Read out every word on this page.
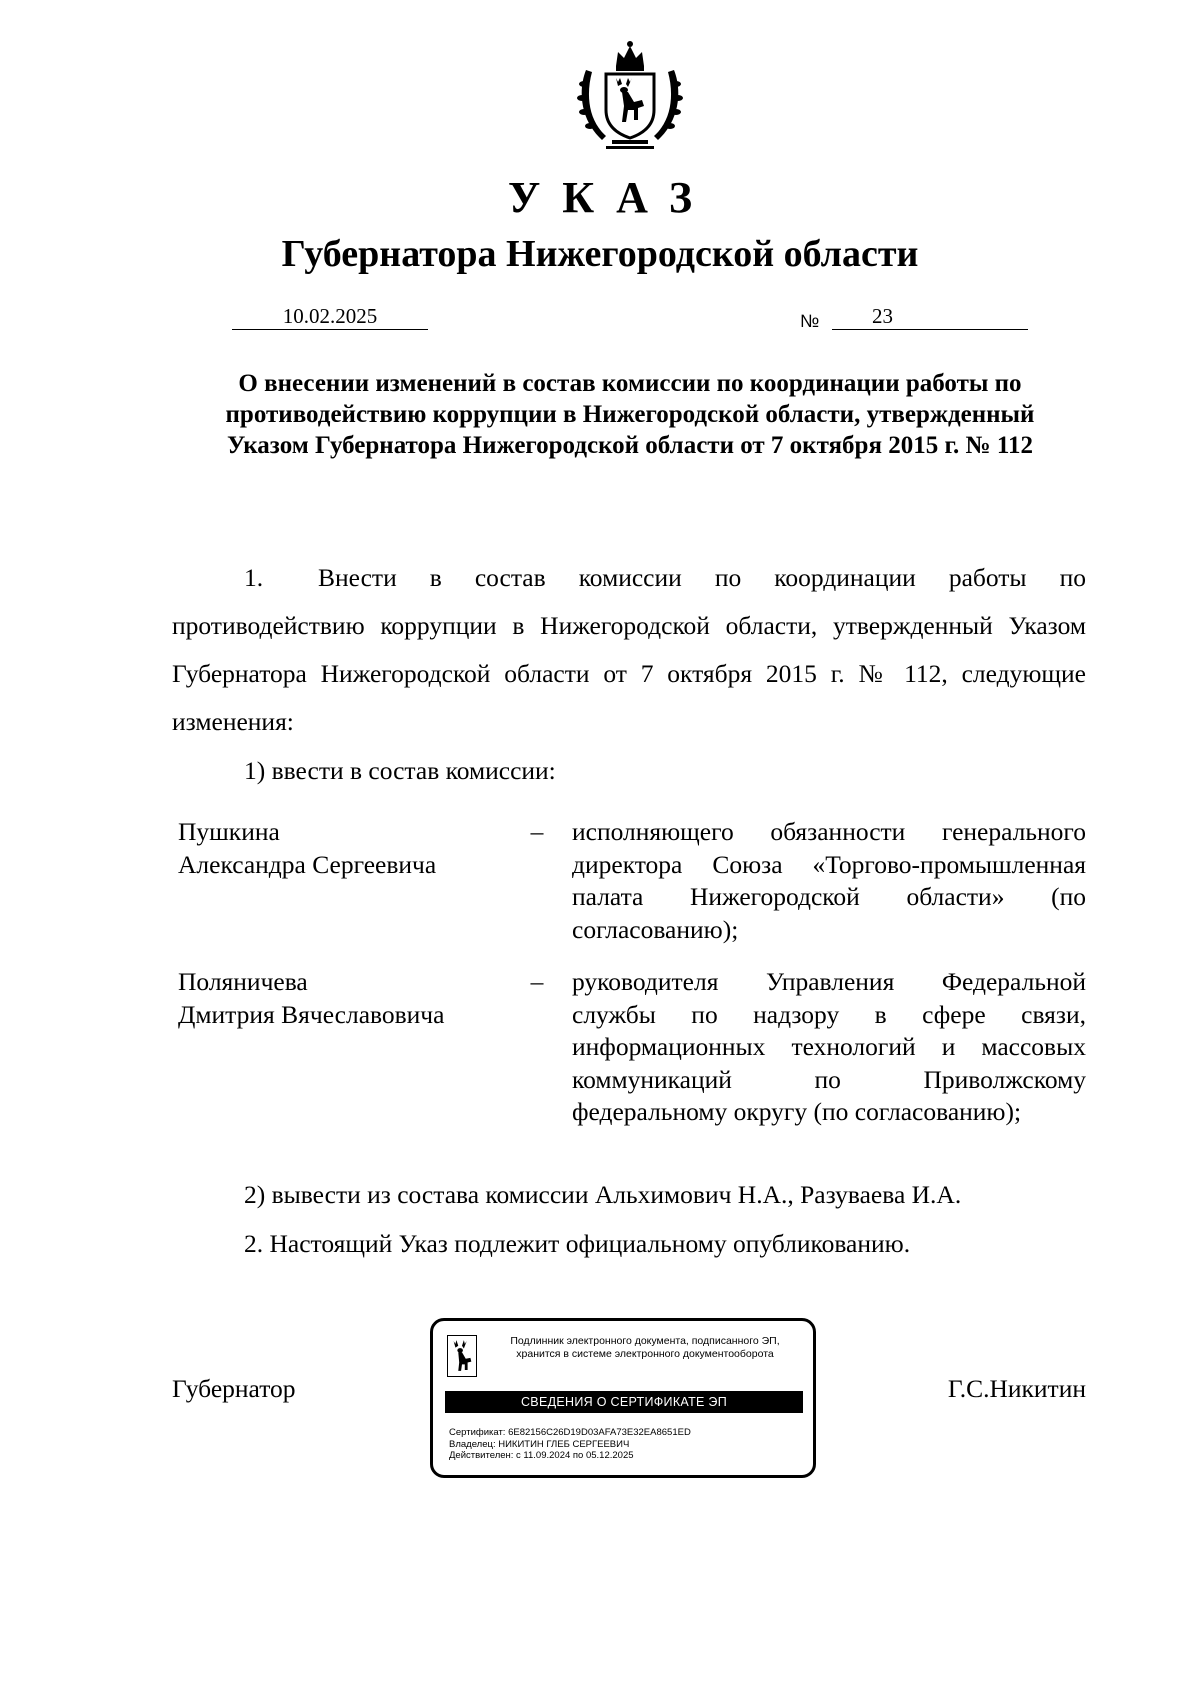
УКАЗ
Губернатора Нижегородской области
10.02.2025	№	23
О внесении изменений в состав комиссии по координации работы по противодействию коррупции в Нижегородской области, утвержденный Указом Губернатора Нижегородской области от 7 октября 2015 г. № 112
1. Внести в состав комиссии по координации работы по противодействию коррупции в Нижегородской области, утвержденный Указом Губернатора Нижегородской области от 7 октября 2015 г. № 112, следующие изменения:
1) ввести в состав комиссии:
Пушкина
Александра Сергеевича
–	исполняющего обязанности генерального директора Союза «Торгово-промышленная палата Нижегородской области» (по согласованию);
Поляничева
Дмитрия Вячеславовича
–	руководителя Управления Федеральной службы по надзору в сфере связи, информационных технологий и массовых коммуникаций по Приволжскому федеральному округу (по согласованию);
2) вывести из состава комиссии Альхимович Н.А., Разуваева И.А.
2. Настоящий Указ подлежит официальному опубликованию.
Губернатор	Г.С.Никитин
Подлинник электронного документа, подписанного ЭП,
хранится в системе электронного документооборота
СВЕДЕНИЯ О СЕРТИФИКАТЕ ЭП
Сертификат: 6E82156C26D19D03AFA73E32EA8651ED
Владелец: НИКИТИН ГЛЕБ СЕРГЕЕВИЧ
Действителен: с 11.09.2024 по 05.12.2025
